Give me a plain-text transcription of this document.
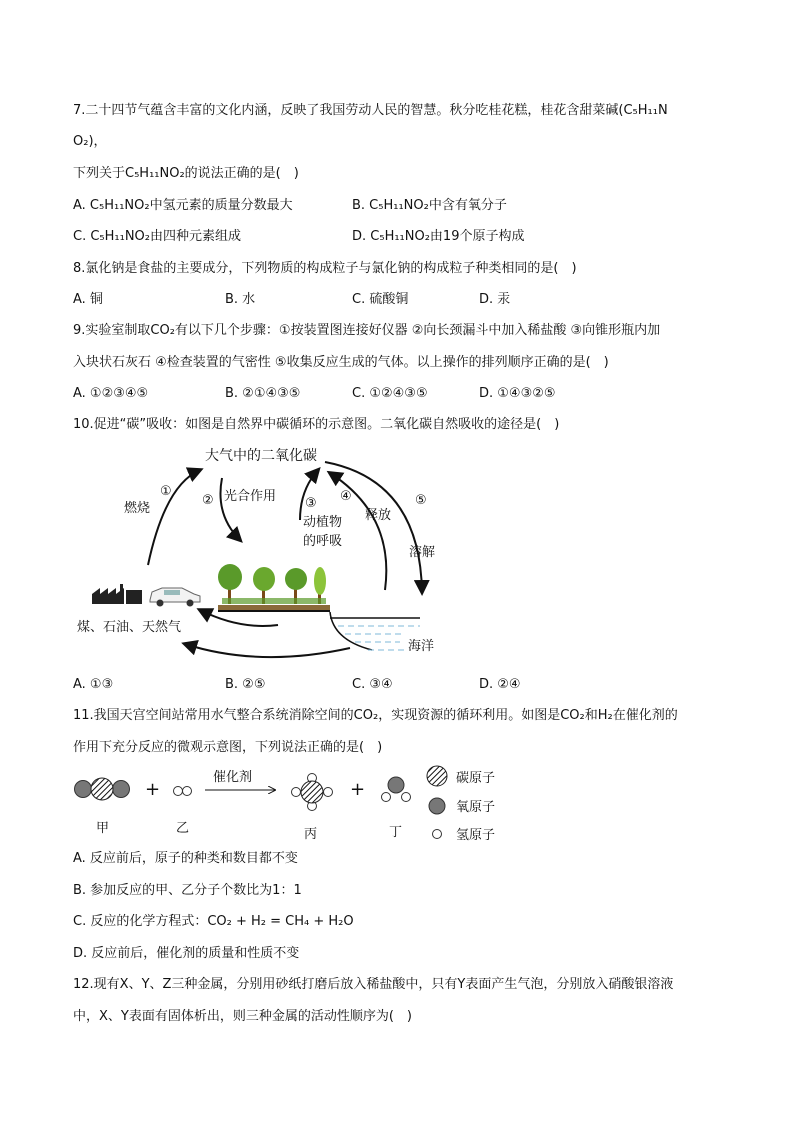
7.二十四节气蕴含丰富的文化内涵，反映了我国劳动人民的智慧。秋分吃桂花糕，桂花含甜菜碱(C₅H₁₁N
O₂)，
下列关于C₅H₁₁NO₂的说法正确的是(　)
A. C₅H₁₁NO₂中氢元素的质量分数最大	B. C₅H₁₁NO₂中含有氧分子
C. C₅H₁₁NO₂由四种元素组成	D. C₅H₁₁NO₂由19个原子构成
8.氯化钠是食盐的主要成分，下列物质的构成粒子与氯化钠的构成粒子种类相同的是(　)
A. 铜	B. 水	C. 硫酸铜	D. 汞
9.实验室制取CO₂有以下几个步骤：①按装置图连接好仪器 ②向长颈漏斗中加入稀盐酸 ③向锥形瓶内加
入块状石灰石 ④检查装置的气密性 ⑤收集反应生成的气体。以上操作的排列顺序正确的是(　)
A. ①②③④⑤	B. ②①④③⑤	C. ①②④③⑤	D. ①④③②⑤
10.促进“碳”吸收：如图是自然界中碳循环的示意图。二氧化碳自然吸收的途径是(　)
大气中的二氧化碳
燃烧
①
② 光合作用 ③
动植物
的呼吸
④
释放
⑤
溶解
煤、石油、天然气
海洋
A. ①③	B. ②⑤	C. ③④	D. ②④
11.我国天宫空间站常用水气整合系统消除空间的CO₂，实现资源的循环利用。如图是CO₂和H₂在催化剂的
作用下充分反应的微观示意图，下列说法正确的是(　)
+
催化剂
+
碳原子
氧原子
氢原子
甲	乙	丙	丁
A. 反应前后，原子的种类和数目都不变
B. 参加反应的甲、乙分子个数比为1：1
C. 反应的化学方程式：CO₂ + H₂ = CH₄ + H₂O
D. 反应前后，催化剂的质量和性质不变
12.现有X、Y、Z三种金属，分别用砂纸打磨后放入稀盐酸中，只有Y表面产生气泡，分别放入硝酸银溶液
中，X、Y表面有固体析出，则三种金属的活动性顺序为(　)
